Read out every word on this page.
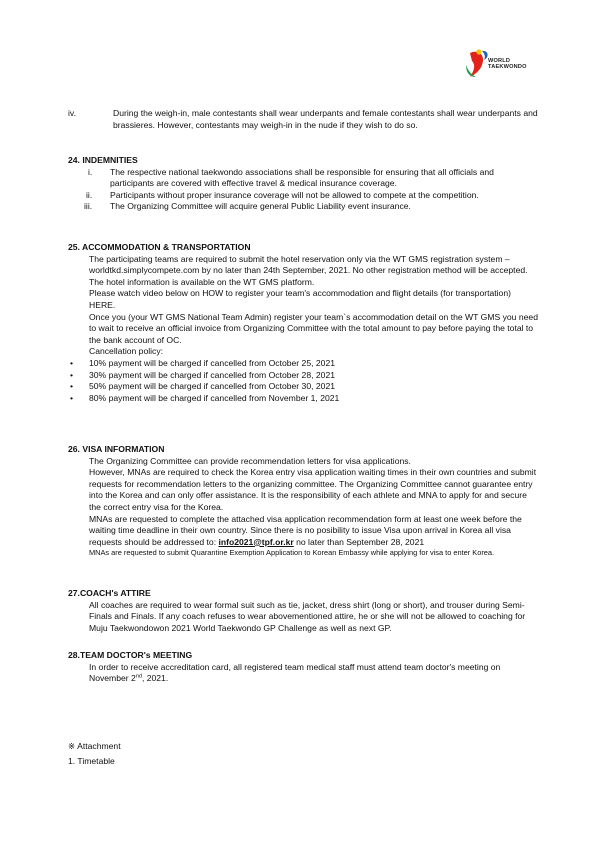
WORLD
TAEKWONDO
iv.	During the weigh-in, male contestants shall wear underpants and female contestants shall wear underpants and brassieres. However, contestants may weigh-in in the nude if they wish to do so.

24. INDEMNITIES
i.	The respective national taekwondo associations shall be responsible for ensuring that all officials and participants are covered with effective travel & medical insurance coverage.

ii.	Participants without proper insurance coverage will not be allowed to compete at the competition.

iii.	The Organizing Committee will acquire general Public Liability event insurance.

25. ACCOMMODATION & TRANSPORTATION

The participating teams are required to submit the hotel reservation only via the WT GMS registration system – worldtkd.simplycompete.com by no later than 24th September, 2021. No other registration method will be accepted. The hotel information is available on the WT GMS platform.

Please watch video below on HOW to register your team's accommodation and flight details (for transportation) HERE.

Once you (your WT GMS National Team Admin) register your team`s accommodation detail on the WT GMS you need to wait to receive an official invoice from Organizing Committee with the total amount to pay before paying the total to the bank account of OC.

Cancellation policy:

• 10% payment will be charged if cancelled from October 25, 2021
• 30% payment will be charged if cancelled from October 28, 2021
• 50% payment will be charged if cancelled from October 30, 2021
• 80% payment will be charged if cancelled from November 1, 2021
26. VISA INFORMATION

The Organizing Committee can provide recommendation letters for visa applications.

However, MNAs are required to check the Korea entry visa application waiting times in their own countries and submit requests for recommendation letters to the organizing committee. The Organizing Committee cannot guarantee entry into the Korea and can only offer assistance. It is the responsibility of each athlete and MNA to apply for and secure the correct entry visa for the Korea.

MNAs are requested to complete the attached visa application recommendation form at least one week before the waiting time deadline in their own country. Since there is no posibility to issue Visa upon arrival in Korea all visa requests should be addressed to: info2021@tpf.or.kr no later than September 28, 2021

MNAs are requested to submit Quarantine Exemption Application to Korean Embassy while applying for visa to enter Korea.

27.COACH's ATTIRE

All coaches are required to wear formal suit such as tie, jacket, dress shirt (long or short), and trouser during Semi-Finals and Finals. If any coach refuses to wear abovementioned attire, he or she will not be allowed to coaching for Muju Taekwondowon 2021 World Taekwondo GP Challenge as well as next GP.

28.TEAM DOCTOR's MEETING

In order to receive accreditation card, all registered team medical staff must attend team doctor's meeting on November 2nd, 2021.

※ Attachment
1. Timetable
